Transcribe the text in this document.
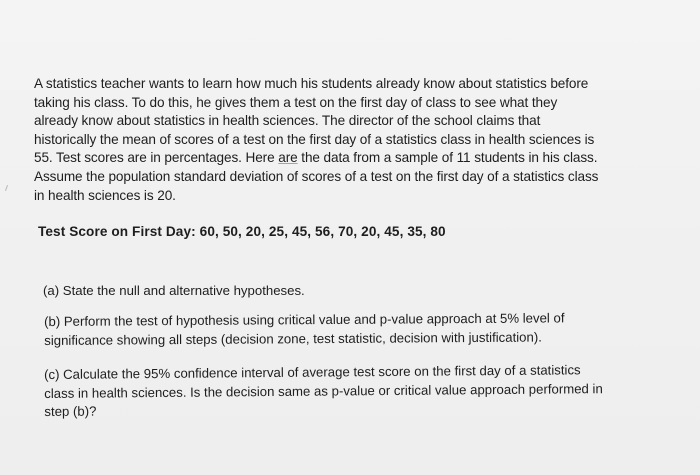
A statistics teacher wants to learn how much his students already know about statistics before
taking his class. To do this, he gives them a test on the first day of class to see what they
already know about statistics in health sciences. The director of the school claims that
historically the mean of scores of a test on the first day of a statistics class in health sciences is
55. Test scores are in percentages. Here are the data from a sample of 11 students in his class.
Assume the population standard deviation of scores of a test on the first day of a statistics class
in health sciences is 20.
Test Score on First Day: 60, 50, 20, 25, 45, 56, 70, 20, 45, 35, 80
(a) State the null and alternative hypotheses.
(b) Perform the test of hypothesis using critical value and p-value approach at 5% level of
significance showing all steps (decision zone, test statistic, decision with justification).
(c) Calculate the 95% confidence interval of average test score on the first day of a statistics
class in health sciences. Is the decision same as p-value or critical value approach performed in
step (b)?
